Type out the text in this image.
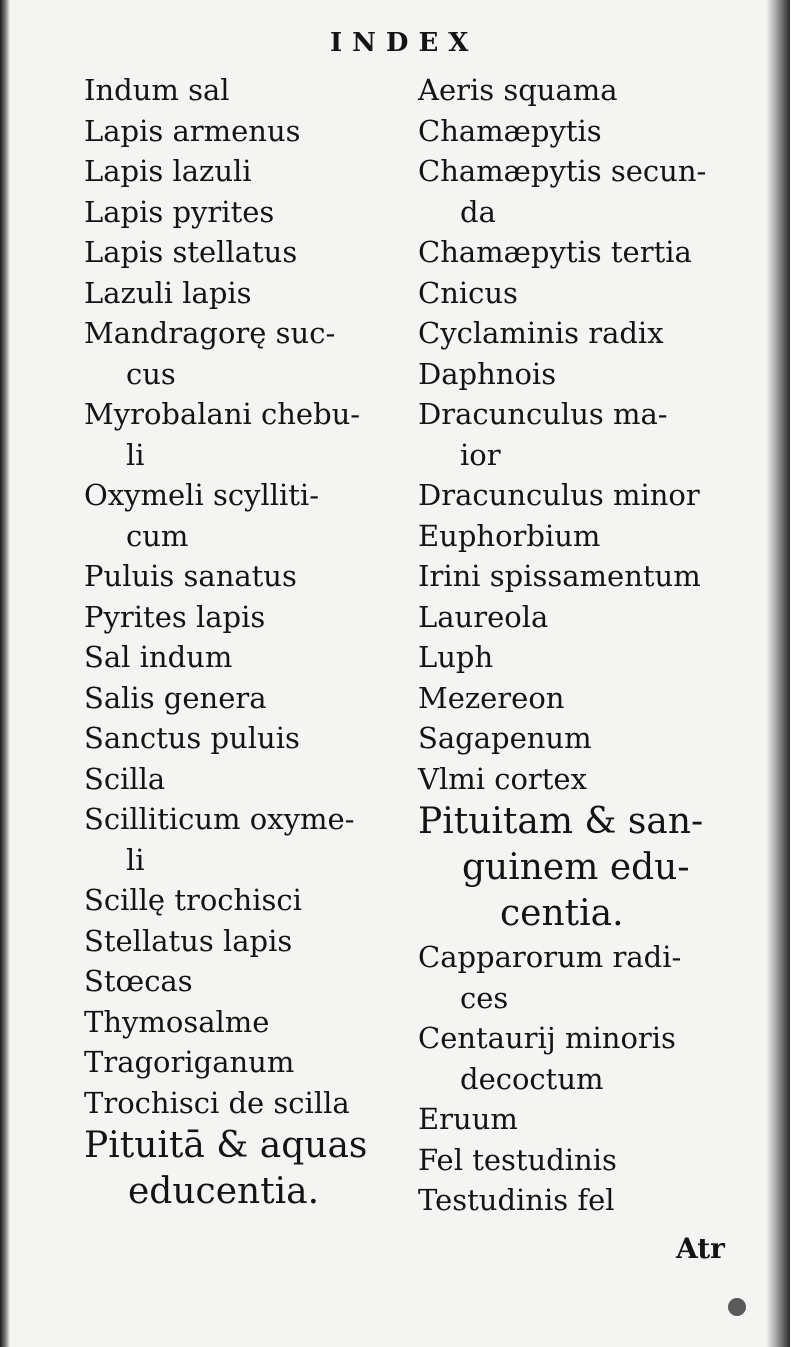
INDEX
Indum sal
Lapis armenus
Lapis lazuli
Lapis pyrites
Lapis stellatus
Lazuli lapis
Mandragorę suc-
cus
Myrobalani chebu-
li
Oxymeli scylliti-
cum
Puluis sanatus
Pyrites lapis
Sal indum
Salis genera
Sanctus puluis
Scilla
Scilliticum oxyme-
li
Scillę trochisci
Stellatus lapis
Stœcas
Thymosalme
Tragoriganum
Trochisci de scilla
Pituitā & aquas
educentia.
Aeris squama
Chamæpytis
Chamæpytis secun-
da
Chamæpytis tertia
Cnicus
Cyclaminis radix
Daphnois
Dracunculus ma-
ior
Dracunculus minor
Euphorbium
Irini spissamentum
Laureola
Luph
Mezereon
Sagapenum
Vlmi cortex
Pituitam & san-
guinem edu-
centia.
Capparorum radi-
ces
Centaurij minoris
decoctum
Eruum
Fel testudinis
Testudinis fel
Atr
